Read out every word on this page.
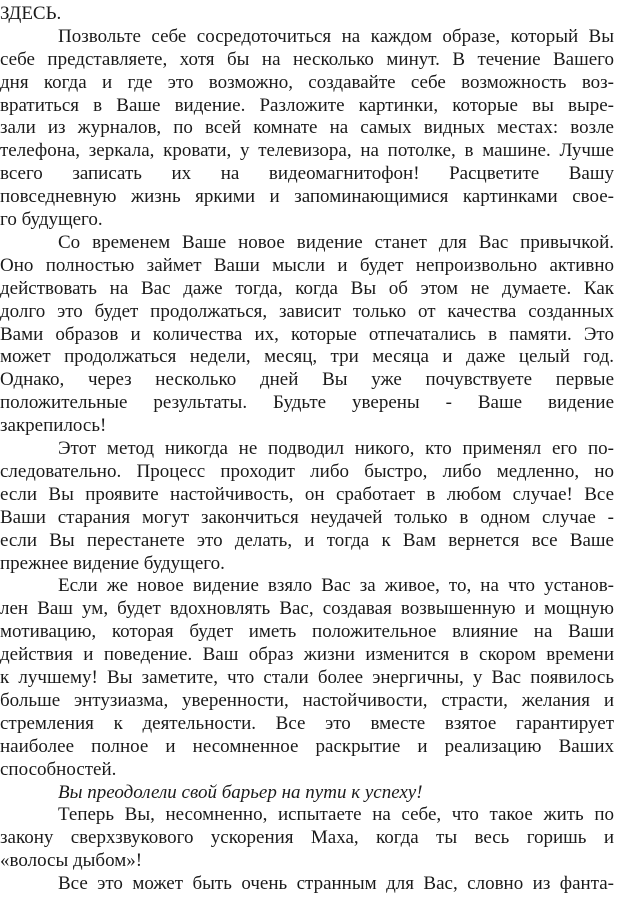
ЗДЕСЬ.
Позвольте себе сосредоточиться на каждом образе, который Вы
себе представляете, хотя бы на несколько минут. В течение Вашего
дня когда и где это возможно, создавайте себе возможность воз-
вратиться в Ваше видение. Разложите картинки, которые вы выре-
зали из журналов, по всей комнате на самых видных местах: возле
телефона, зеркала, кровати, у телевизора, на потолке, в машине. Лучше
всего записать их на видеомагнитофон! Расцветите Вашу
повседневную жизнь яркими и запоминающимися картинками свое-
го будущего.
Со временем Ваше новое видение станет для Вас привычкой.
Оно полностью займет Ваши мысли и будет непроизвольно активно
действовать на Вас даже тогда, когда Вы об этом не думаете. Как
долго это будет продолжаться, зависит только от качества созданных
Вами образов и количества их, которые отпечатались в памяти. Это
может продолжаться недели, месяц, три месяца и даже целый год.
Однако, через несколько дней Вы уже почувствуете первые
положительные результаты. Будьте уверены - Ваше видение
закрепилось!
Этот метод никогда не подводил никого, кто применял его по-
следовательно. Процесс проходит либо быстро, либо медленно, но
если Вы проявите настойчивость, он сработает в любом случае! Все
Ваши старания могут закончиться неудачей только в одном случае -
если Вы перестанете это делать, и тогда к Вам вернется все Ваше
прежнее видение будущего.
Если же новое видение взяло Вас за живое, то, на что установ-
лен Ваш ум, будет вдохновлять Вас, создавая возвышенную и мощную
мотивацию, которая будет иметь положительное влияние на Ваши
действия и поведение. Ваш образ жизни изменится в скором времени
к лучшему! Вы заметите, что стали более энергичны, у Вас появилось
больше энтузиазма, уверенности, настойчивости, страсти, желания и
стремления к деятельности. Все это вместе взятое гарантирует
наиболее полное и несомненное раскрытие и реализацию Ваших
способностей.
Вы преодолели свой барьер на пути к успеху!
Теперь Вы, несомненно, испытаете на себе, что такое жить по
закону сверхзвукового ускорения Маха, когда ты весь горишь и
«волосы дыбом»!
Все это может быть очень странным для Вас, словно из фанта-
